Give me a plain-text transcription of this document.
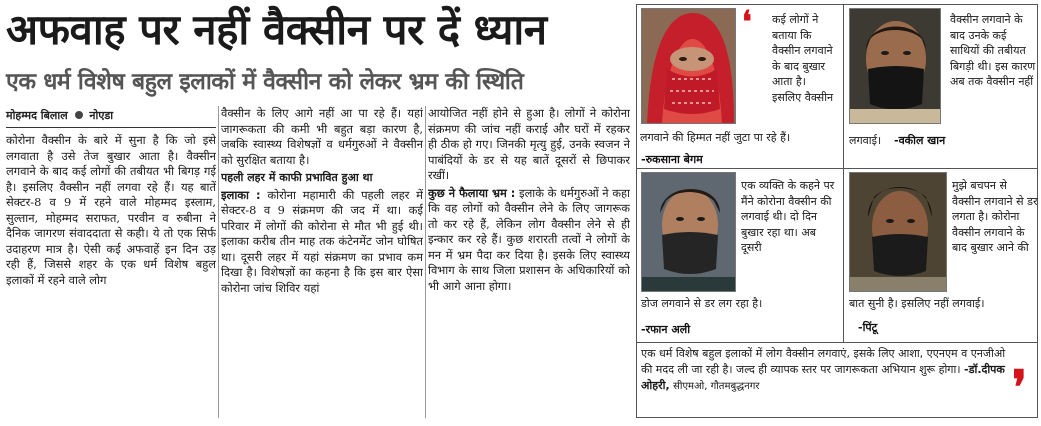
अफवाह पर नहीं वैक्सीन पर दें ध्यान
एक धर्म विशेष बहुल इलाकों में वैक्सीन को लेकर भ्रम की स्थिति
मोहम्मद बिलाल नोएडा

कोरोना वैक्सीन के बारे में सुना है कि जो इसे लगवाता है उसे तेज बुखार आता है। वैक्सीन लगवाने के बाद कई लोगों की तबीयत भी बिगड़ गई है। इसलिए वैक्सीन नहीं लगवा रहे हैं। यह बातें सेक्टर-8 व 9 में रहने वाले मोहम्मद इस्लाम, सुल्तान, मोहम्मद सराफत, परवीन व रुबीना ने दैनिक जागरण संवाददाता से कही। ये तो एक सिर्फ उदाहरण मात्र है। ऐसी कई अफवाहें इन दिन उड़ रही हैं, जिससे शहर के एक धर्म विशेष बहुल इलाकों में रहने वाले लोग

वैक्सीन के लिए आगे नहीं आ पा रहे हैं। यहां जागरूकता की कमी भी बहुत बड़ा कारण है, जबकि स्वास्थ्य विशेषज्ञों व धर्मगुरुओं ने वैक्सीन को सुरक्षित बताया है।

पहली लहर में काफी प्रभावित हुआ था

इलाका : कोरोना महामारी की पहली लहर में सेक्टर-8 व 9 संक्रमण की जद में था। कई परिवार में लोगों की कोरोना से मौत भी हुई थी। इलाका करीब तीन माह तक कंटेनमेंट जोन घोषित था। दूसरी लहर में यहां संक्रमण का प्रभाव कम दिखा है। विशेषज्ञों का कहना है कि इस बार ऐसा कोरोना जांच शिविर यहां

आयोजित नहीं होने से हुआ है। लोगों ने कोरोना संक्रमण की जांच नहीं कराई और घरों में रहकर ही ठीक हो गए। जिनकी मृत्यु हुई, उनके स्वजन ने पाबंदियों के डर से यह बातें दूसरों से छिपाकर रखीं।

कुछ ने फैलाया भ्रम : इलाके के धर्मगुरुओं ने कहा कि वह लोगों को वैक्सीन लेने के लिए जागरूक तो कर रहे हैं, लेकिन लोग वैक्सीन लेने से ही इन्कार कर रहे हैं। कुछ शरारती तत्वों ने लोगों के मन में भ्रम पैदा कर दिया है। इसके लिए स्वास्थ्य विभाग के साथ जिला प्रशासन के अधिकारियों को भी आगे आना होगा।

❛	कई लोगों ने बताया कि वैक्सीन लगवाने के बाद बुखार आता है। इसलिए वैक्सीन
लगवाने की हिम्मत नहीं जुटा पा रहे हैं।
-रुकसाना बेगम
वैक्सीन लगवाने के बाद उनके कई साथियों की तबीयत बिगड़ी थी। इस कारण अब तक वैक्सीन नहीं
लगवाई।	-वकील खान
एक व्यक्ति के कहने पर मैंने कोरोना वैक्सीन की लगवाई थी। दो दिन बुखार रहा था। अब दूसरी
डोज लगवाने से डर लग रहा है।
-रफान अली
मुझे बचपन से वैक्सीन लगवाने से डर लगता है। कोरोना वैक्सीन लगवाने के बाद बुखार आने की
बात सुनी है। इसलिए नहीं लगवाई।
-पिंटू
एक धर्म विशेष बहुल इलाकों में लोग वैक्सीन लगवाएं, इसके लिए आशा, एएनएम व एनजीओ की मदद ली जा रही है। जल्द ही व्यापक स्तर पर जागरूकता अभियान शुरू होगा। -डॉ.दीपक ओहरी, सीएमओ, गौतमबुद्धनगर	❜
